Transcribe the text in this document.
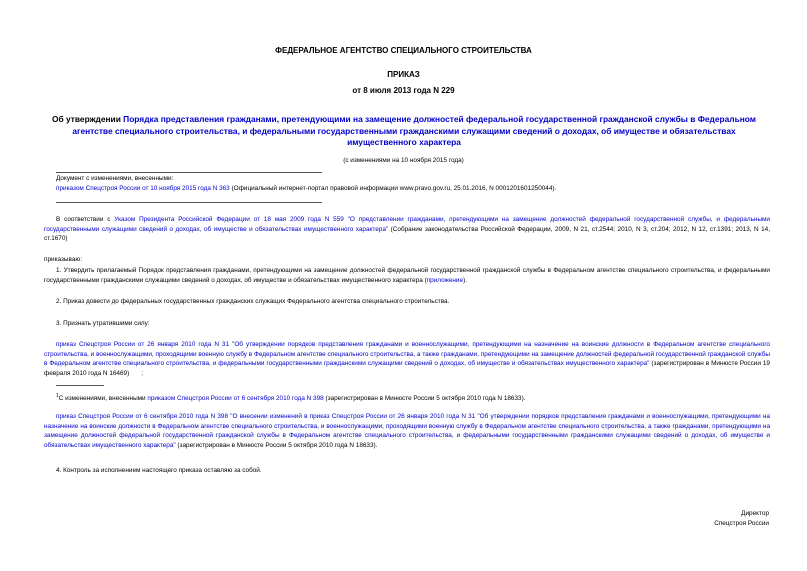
ФЕДЕРАЛЬНОЕ АГЕНТСТВО СПЕЦИАЛЬНОГО СТРОИТЕЛЬСТВА
ПРИКАЗ
от 8 июля 2013 года N 229
Об утверждении Порядка представления гражданами, претендующими на замещение должностей федеральной государственной гражданской службы в Федеральном агентстве специального строительства, и федеральными государственными гражданскими служащими сведений о доходах, об имуществе и обязательствах имущественного характера
(с изменениями на 10 ноября 2015 года)
Документ с изменениями, внесенными:
приказом Спецстроя России от 10 ноября 2015 года N 363 (Официальный интернет-портал правовой информации www.pravo.gov.ru, 25.01.2016, N 0001201601250044).
В соответствии с Указом Президента Российской Федерации от 18 мая 2009 года N 559 "О представлении гражданами, претендующими на замещение должностей федеральной государственной службы, и федеральными государственными служащими сведений о доходах, об имуществе и обязательствах имущественного характера" (Собрание законодательства Российской Федерации, 2009, N 21, ст.2544; 2010, N 3, ст.204; 2012, N 12, ст.1391; 2013, N 14, ст.1670)
приказываю:
1. Утвердить прилагаемый Порядок представления гражданами, претендующими на замещение должностей федеральной государственной гражданской службы в Федеральном агентстве специального строительства, и федеральными государственными гражданскими служащими сведений о доходах, об имуществе и обязательствах имущественного характера (приложение).
2. Приказ довести до федеральных государственных гражданских служащих Федерального агентства специального строительства.
3. Признать утратившими силу:
приказ Спецстроя России от 26 января 2010 года N 31 "Об утверждении порядков представления гражданами и военнослужащими, претендующими на назначение на воинские должности в Федеральном агентстве специального строительства, и военнослужащими, проходящими военную службу в Федеральном агентстве специального строительства, а также гражданами, претендующими на замещение должностей федеральной государственной гражданской службы в Федеральном агентстве специального строительства, и федеральными государственными гражданскими служащими сведений о доходах, об имуществе и обязательствах имущественного характера" (зарегистрирован в Минюсте России 19 февраля 2010 года N 16469) ;
$^1$С изменениями, внесенными приказом Спецстроя России от 6 сентября 2010 года N 398 (зарегистрирован в Минюсте России 5 октября 2010 года N 18633).
приказ Спецстроя России от 6 сентября 2010 года N 398 "О внесении изменений в приказ Спецстроя России от 26 января 2010 года N 31 "Об утверждении порядков представления гражданами и военнослужащими, претендующими на назначение на воинские должности в Федеральном агентстве специального строительства, и военнослужащими, проходящими военную службу в Федеральном агентстве специального строительства, а также гражданами, претендующими на замещение должностей федеральной государственной гражданской службы в Федеральном агентстве специального строительства, и федеральными государственными гражданскими служащими сведений о доходах, об имуществе и обязательствах имущественного характера" (зарегистрирован в Минюсте России 5 октября 2010 года N 18633).
4. Контроль за исполнением настоящего приказа оставляю за собой.
Директор
Спецстроя России
